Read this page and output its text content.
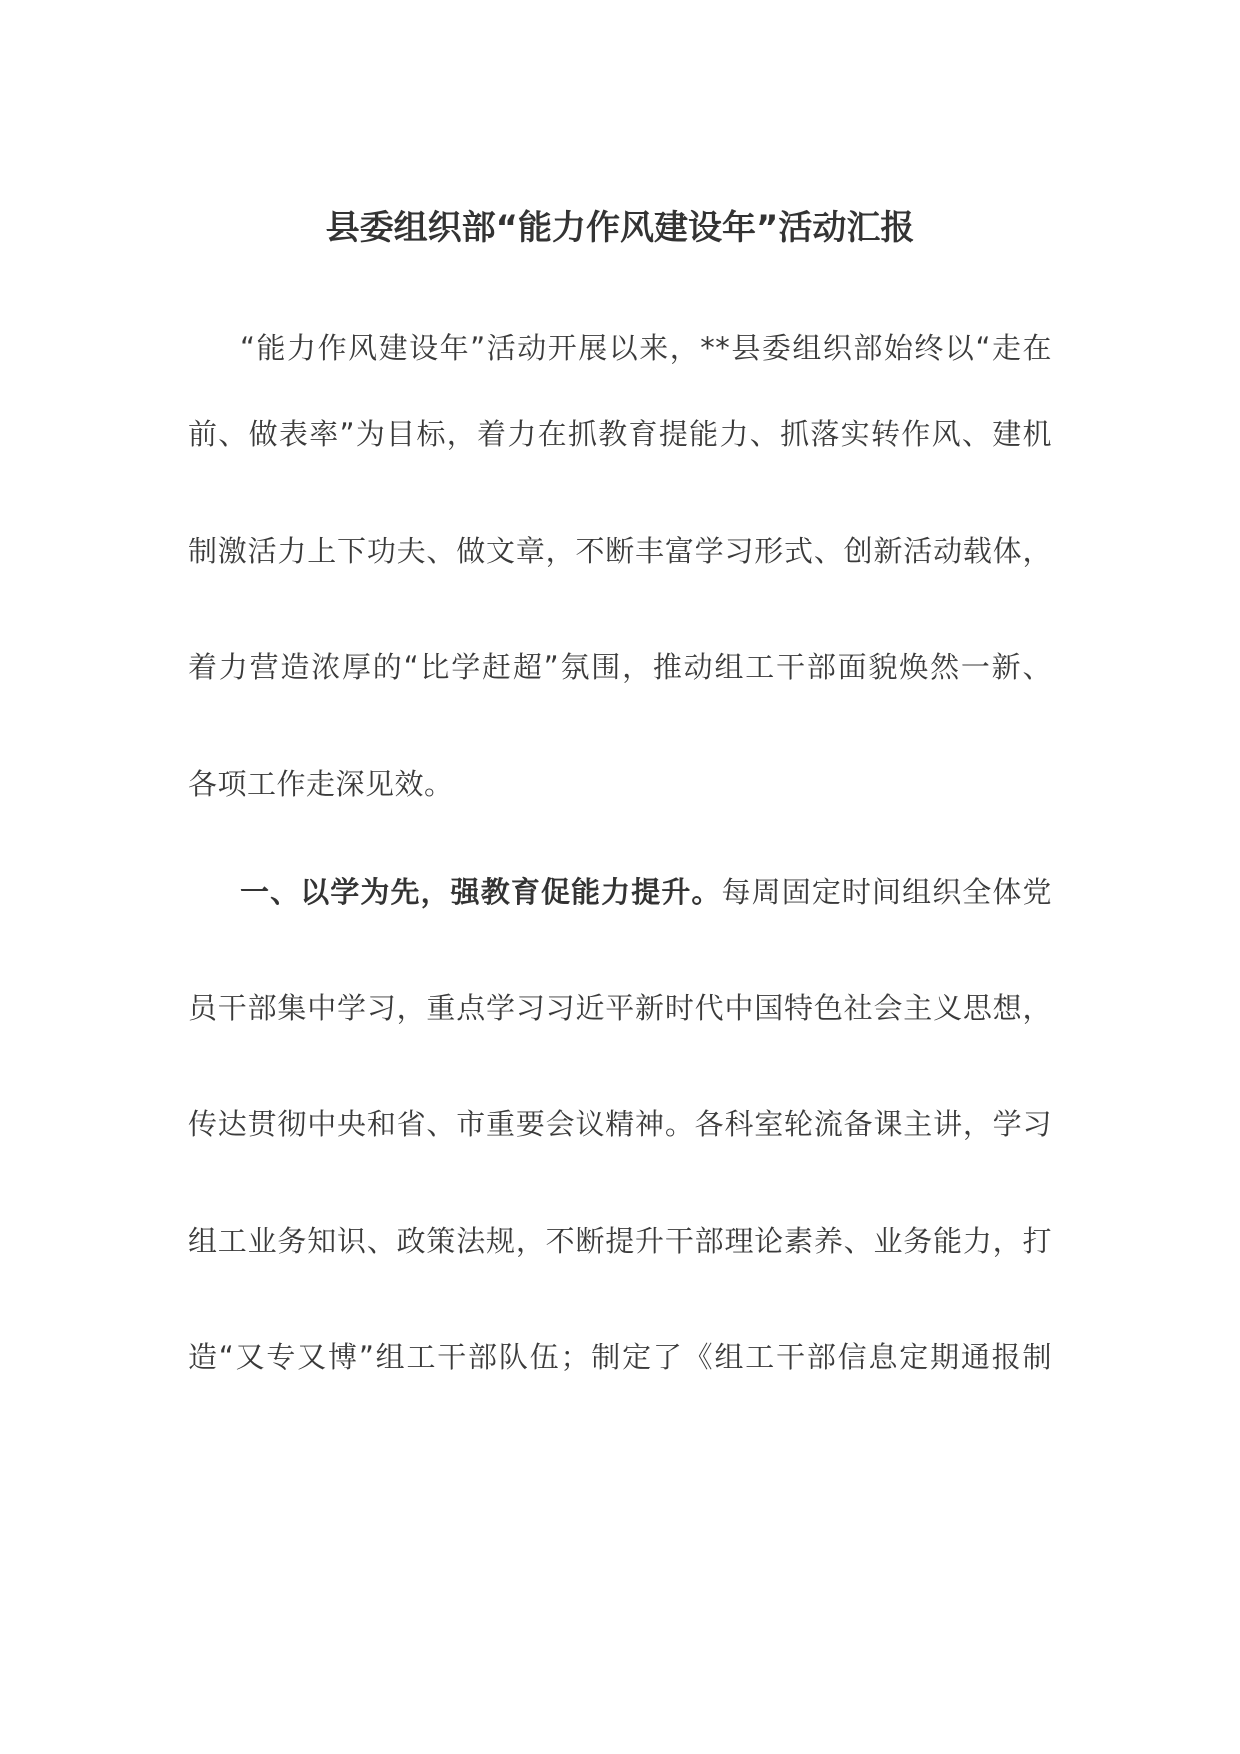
县委组织部“能力作风建设年”活动汇报
“能力作风建设年”活动开展以来，**县委组织部始终以“走在
前、做表率”为目标，着力在抓教育提能力、抓落实转作风、建机
制激活力上下功夫、做文章，不断丰富学习形式、创新活动载体，
着力营造浓厚的“比学赶超”氛围，推动组工干部面貌焕然一新、
各项工作走深见效。
一、以学为先，强教育促能力提升。每周固定时间组织全体党
员干部集中学习，重点学习习近平新时代中国特色社会主义思想，
传达贯彻中央和省、市重要会议精神。各科室轮流备课主讲，学习
组工业务知识、政策法规，不断提升干部理论素养、业务能力，打
造“又专又博”组工干部队伍；制定了《组工干部信息定期通报制
